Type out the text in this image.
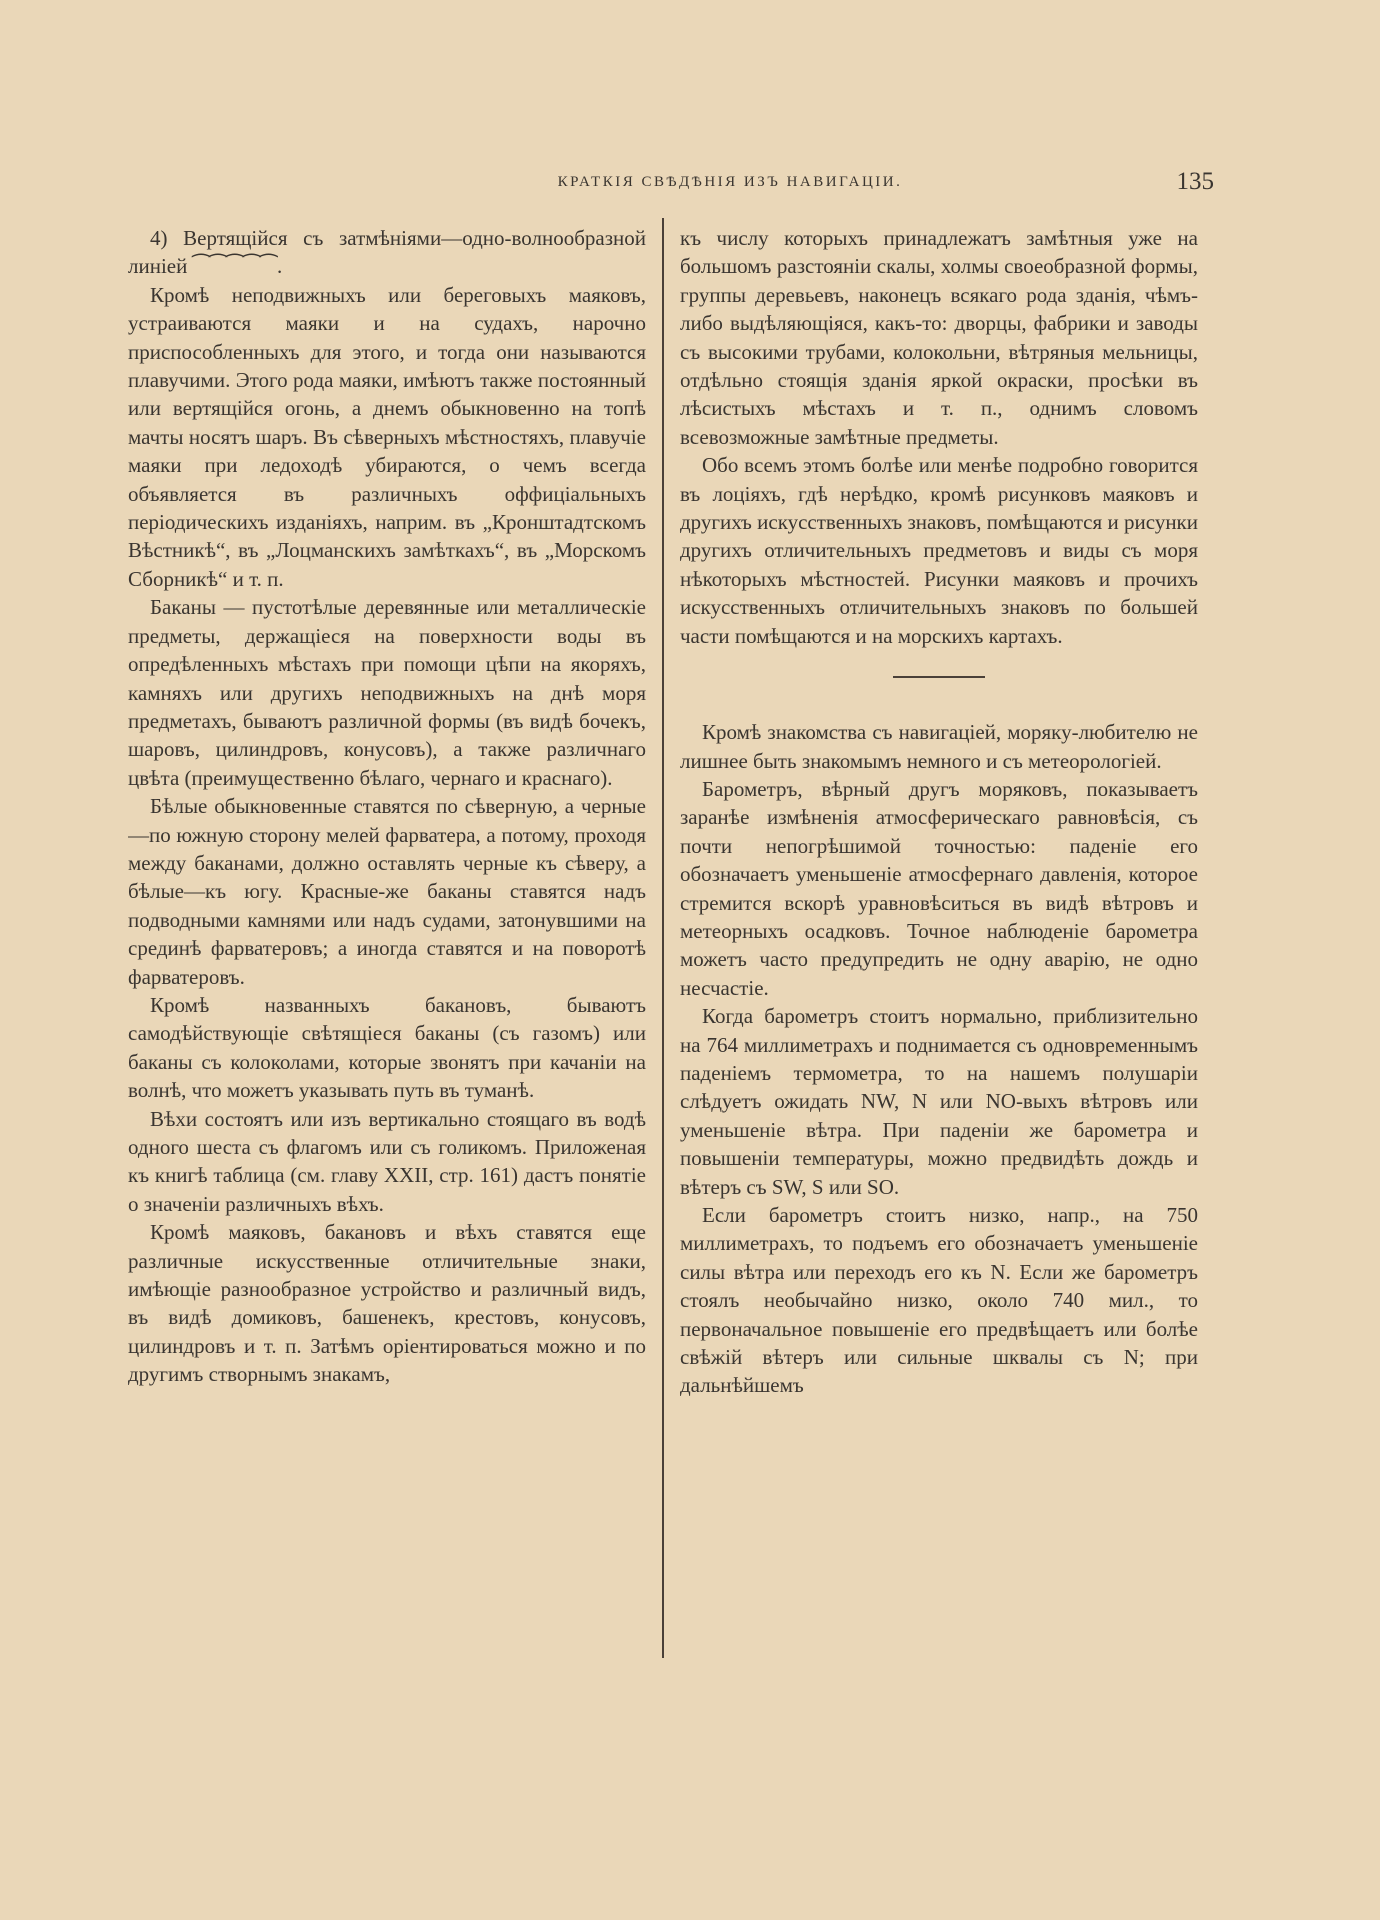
КРАТКІЯ СВѢДѢНІЯ ИЗЪ НАВИГАЦІИ.	135

4) Вертящійся съ затмѣніями—одно-волнообразной линіей ⁀⁀⁀⁀⁀.

Кромѣ неподвижныхъ или береговыхъ маяковъ, устраиваются маяки и на судахъ, нарочно приспособленныхъ для этого, и тогда они называются плавучими. Этого рода маяки, имѣютъ также постоянный или вертящійся огонь, а днемъ обыкновенно на топѣ мачты носятъ шаръ. Въ сѣверныхъ мѣстностяхъ, плавучіе маяки при ледоходѣ убираются, о чемъ всегда объявляется въ различныхъ оффиціальныхъ періодическихъ изданіяхъ, наприм. въ „Кронштадтскомъ Вѣстникѣ“, въ „Лоцманскихъ замѣткахъ“, въ „Морскомъ Сборникѣ“ и т. п.

Баканы — пустотѣлые деревянные или металлическіе предметы, держащіеся на поверхности воды въ опредѣленныхъ мѣстахъ при помощи цѣпи на якоряхъ, камняхъ или другихъ неподвижныхъ на днѣ моря предметахъ, бываютъ различной формы (въ видѣ бочекъ, шаровъ, цилиндровъ, конусовъ), а также различнаго цвѣта (преимущественно бѣлаго, чернаго и краснаго).

Бѣлые обыкновенные ставятся по сѣверную, а черные—по южную сторону мелей фарватера, а потому, проходя между баканами, должно оставлять черные къ сѣверу, а бѣлые—къ югу. Красные-же баканы ставятся надъ подводными камнями или надъ судами, затонувшими на срединѣ фарватеровъ; а иногда ставятся и на поворотѣ фарватеровъ.

Кромѣ названныхъ бакановъ, бываютъ самодѣйствующіе свѣтящіеся баканы (съ газомъ) или баканы съ колоколами, которые звонятъ при качаніи на волнѣ, что можетъ указывать путь въ туманѣ.

Вѣхи состоятъ или изъ вертикально стоящаго въ водѣ одного шеста съ флагомъ или съ голикомъ. Приложеная къ книгѣ таблица (см. главу XXII, стр. 161) дастъ понятіе о значеніи различныхъ вѣхъ.

Кромѣ маяковъ, бакановъ и вѣхъ ставятся еще различные искусственные отличительные знаки, имѣющіе разнообразное устройство и различный видъ, въ видѣ домиковъ, башенекъ, крестовъ, конусовъ, цилиндровъ и т. п. Затѣмъ оріентироваться можно и по другимъ створнымъ знакамъ,

къ числу которыхъ принадлежатъ замѣтныя уже на большомъ разстояніи скалы, холмы своеобразной формы, группы деревьевъ, наконецъ всякаго рода зданія, чѣмъ-либо выдѣляющіяся, какъ-то: дворцы, фабрики и заводы съ высокими трубами, колокольни, вѣтряныя мельницы, отдѣльно стоящія зданія яркой окраски, просѣки въ лѣсистыхъ мѣстахъ и т. п., однимъ словомъ всевозможные замѣтные предметы.

Обо всемъ этомъ болѣе или менѣе подробно говорится въ лоціяхъ, гдѣ нерѣдко, кромѣ рисунковъ маяковъ и другихъ искусственныхъ знаковъ, помѣщаются и рисунки другихъ отличительныхъ предметовъ и виды съ моря нѣкоторыхъ мѣстностей. Рисунки маяковъ и прочихъ искусственныхъ отличительныхъ знаковъ по большей части помѣщаются и на морскихъ картахъ.

Кромѣ знакомства съ навигаціей, моряку-любителю не лишнее быть знакомымъ немного и съ метеорологіей.

Барометръ, вѣрный другъ моряковъ, показываетъ заранѣе измѣненія атмосферическаго равновѣсія, съ почти непогрѣшимой точностью: паденіе его обозначаетъ уменьшеніе атмосфернаго давленія, которое стремится вскорѣ уравновѣситься въ видѣ вѣтровъ и метеорныхъ осадковъ. Точное наблюденіе барометра можетъ часто предупредить не одну аварію, не одно несчастіе.

Когда барометръ стоитъ нормально, приблизительно на 764 миллиметрахъ и поднимается съ одновременнымъ паденіемъ термометра, то на нашемъ полушаріи слѣдуетъ ожидать NW, N или NO-выхъ вѣтровъ или уменьшеніе вѣтра. При паденіи же барометра и повышеніи температуры, можно предвидѣть дождь и вѣтеръ съ SW, S или SO.

Если барометръ стоитъ низко, напр., на 750 миллиметрахъ, то подъемъ его обозначаетъ уменьшеніе силы вѣтра или переходъ его къ N. Если же барометръ стоялъ необычайно низко, около 740 мил., то первоначальное повышеніе его предвѣщаетъ или болѣе свѣжій вѣтеръ или сильные шквалы съ N; при дальнѣйшемъ
